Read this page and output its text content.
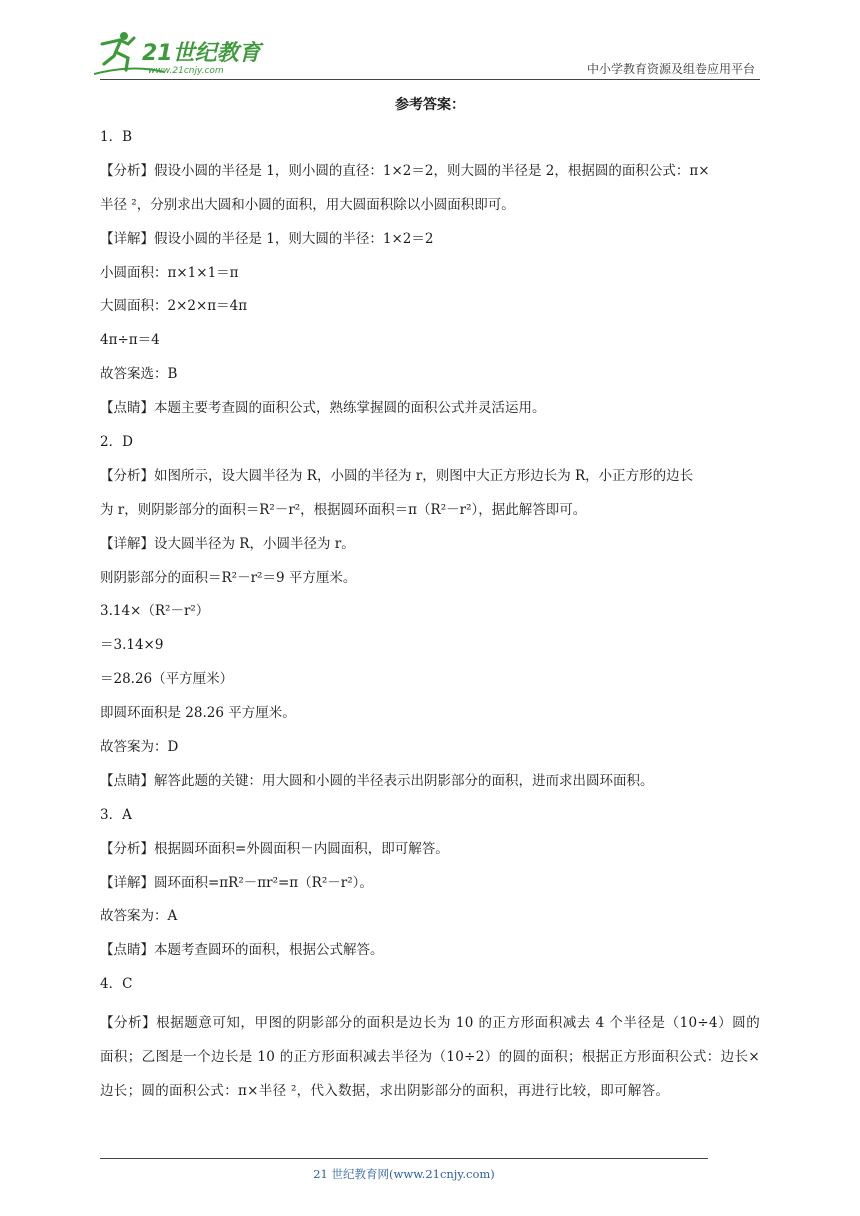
21世纪教育
www.21cnjy.com	中小学教育资源及组卷应用平台
参考答案：
1．B
【分析】假设小圆的半径是 1，则小圆的直径：1×2＝2，则大圆的半径是 2，根据圆的面积公式：π×
半径 ²，分别求出大圆和小圆的面积，用大圆面积除以小圆面积即可。
【详解】假设小圆的半径是 1，则大圆的半径：1×2＝2
小圆面积：π×1×1＝π
大圆面积：2×2×π＝4π
4π÷π＝4
故答案选：B
【点睛】本题主要考查圆的面积公式，熟练掌握圆的面积公式并灵活运用。
2．D
【分析】如图所示，设大圆半径为 R，小圆的半径为 r，则图中大正方形边长为 R，小正方形的边长
为 r，则阴影部分的面积＝R²－r²，根据圆环面积＝π（R²－r²），据此解答即可。
【详解】设大圆半径为 R，小圆半径为 r。
则阴影部分的面积＝R²－r²＝9 平方厘米。
3.14×（R²－r²）
＝3.14×9
＝28.26（平方厘米）
即圆环面积是 28.26 平方厘米。
故答案为：D
【点睛】解答此题的关键：用大圆和小圆的半径表示出阴影部分的面积，进而求出圆环面积。
3．A
【分析】根据圆环面积=外圆面积－内圆面积，即可解答。
【详解】圆环面积=πR²－πr²=π（R²－r²）。
故答案为：A
【点睛】本题考查圆环的面积，根据公式解答。
4．C
【分析】根据题意可知，甲图的阴影部分的面积是边长为 10 的正方形面积减去 4 个半径是（10÷4）圆的面积；乙图是一个边长是 10 的正方形面积减去半径为（10÷2）的圆的面积；根据正方形面积公式：边长×边长；圆的面积公式：π×半径 ²，代入数据，求出阴影部分的面积，再进行比较，即可解答。
21 世纪教育网(www.21cnjy.com)
